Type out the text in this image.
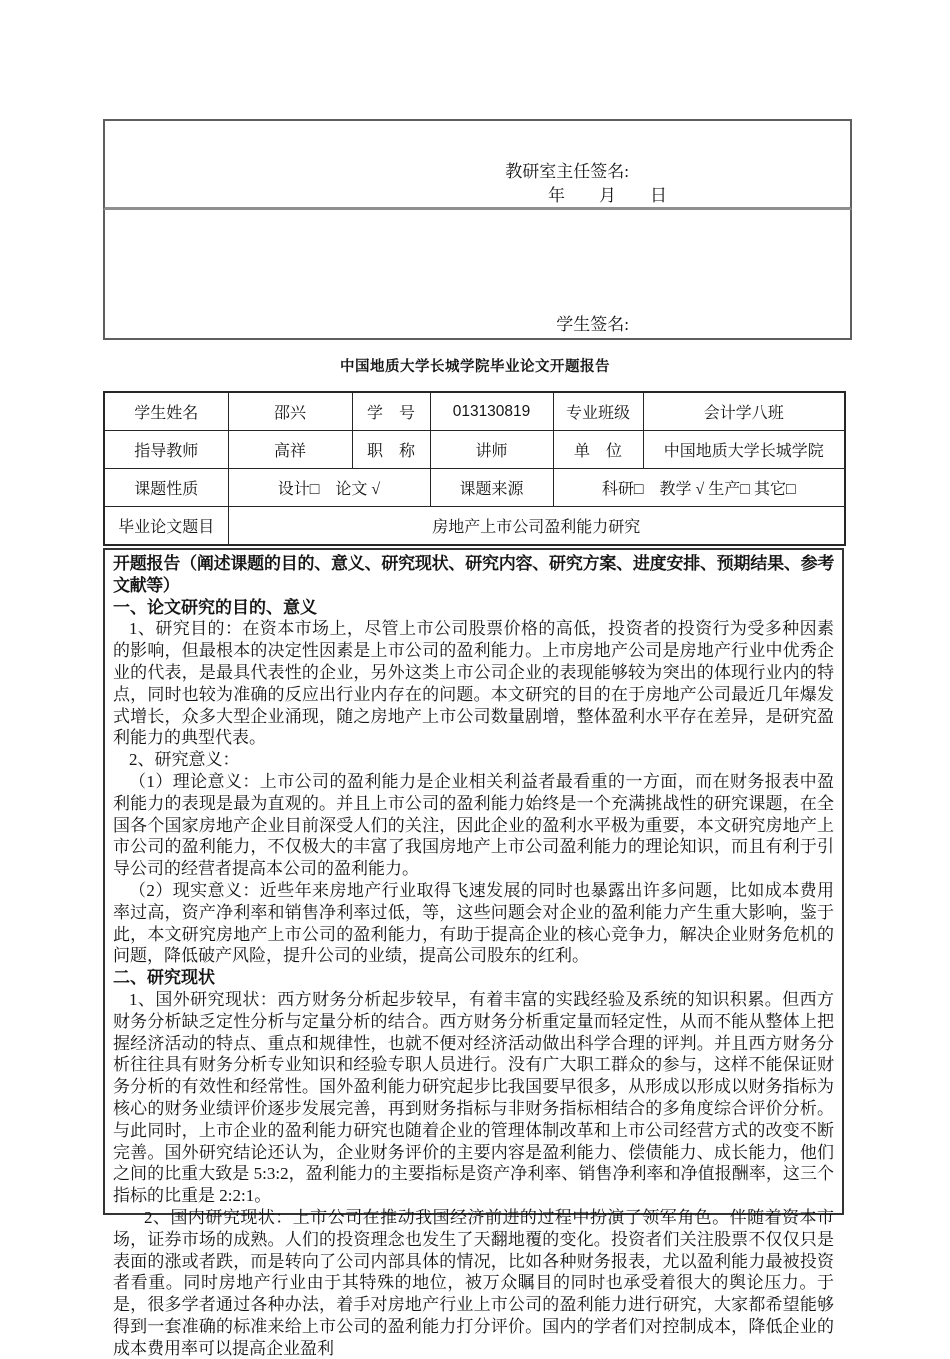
教研室主任签名:
年　　月　　日
学生签名:
中国地质大学长城学院毕业论文开题报告
学生姓名	邵兴	学　号	013130819	专业班级	会计学八班
指导教师	高祥	职　称	讲师	单　位	中国地质大学长城学院
课题性质	设计□　论文 √		课题来源	科研□　教学 √ 生产□ 其它□	
毕业论文题目	房地产上市公司盈利能力研究				

开题报告（阐述课题的目的、意义、研究现状、研究内容、研究方案、进度安排、预期结果、参考文献等）

一、论文研究的目的、意义

1、研究目的：在资本市场上，尽管上市公司股票价格的高低，投资者的投资行为受多种因素的影响，但最根本的决定性因素是上市公司的盈利能力。上市房地产公司是房地产行业中优秀企业的代表，是最具代表性的企业，另外这类上市公司企业的表现能够较为突出的体现行业内的特点，同时也较为准确的反应出行业内存在的问题。本文研究的目的在于房地产公司最近几年爆发式增长，众多大型企业涌现，随之房地产上市公司数量剧增，整体盈利水平存在差异，是研究盈利能力的典型代表。

2、研究意义：

（1）理论意义：上市公司的盈利能力是企业相关利益者最看重的一方面，而在财务报表中盈利能力的表现是最为直观的。并且上市公司的盈利能力始终是一个充满挑战性的研究课题，在全国各个国家房地产企业目前深受人们的关注，因此企业的盈利水平极为重要，本文研究房地产上市公司的盈利能力，不仅极大的丰富了我国房地产上市公司盈利能力的理论知识，而且有利于引导公司的经营者提高本公司的盈利能力。

（2）现实意义：近些年来房地产行业取得飞速发展的同时也暴露出许多问题，比如成本费用率过高，资产净利率和销售净利率过低，等，这些问题会对企业的盈利能力产生重大影响，鉴于此，本文研究房地产上市公司的盈利能力，有助于提高企业的核心竞争力，解决企业财务危机的问题，降低破产风险，提升公司的业绩，提高公司股东的红利。

二、研究现状

1、国外研究现状：西方财务分析起步较早，有着丰富的实践经验及系统的知识积累。但西方财务分析缺乏定性分析与定量分析的结合。西方财务分析重定量而轻定性，从而不能从整体上把握经济活动的特点、重点和规律性，也就不便对经济活动做出科学合理的评判。并且西方财务分析往往具有财务分析专业知识和经验专职人员进行。没有广大职工群众的参与，这样不能保证财务分析的有效性和经常性。国外盈利能力研究起步比我国要早很多，从形成以形成以财务指标为核心的财务业绩评价逐步发展完善，再到财务指标与非财务指标相结合的多角度综合评价分析。与此同时，上市企业的盈利能力研究也随着企业的管理体制改革和上市公司经营方式的改变不断完善。国外研究结论还认为，企业财务评价的主要内容是盈利能力、偿债能力、成长能力，他们之间的比重大致是 5:3:2，盈利能力的主要指标是资产净利率、销售净利率和净值报酬率，这三个指标的比重是 2:2:1。

2、国内研究现状：上市公司在推动我国经济前进的过程中扮演了领军角色。伴随着资本市场，证券市场的成熟。人们的投资理念也发生了天翻地覆的变化。投资者们关注股票不仅仅只是表面的涨或者跌，而是转向了公司内部具体的情况，比如各种财务报表，尤以盈利能力最被投资者看重。同时房地产行业由于其特殊的地位，被万众瞩目的同时也承受着很大的舆论压力。于是，很多学者通过各种办法，着手对房地产行业上市公司的盈利能力进行研究，大家都希望能够得到一套准确的标准来给上市公司的盈利能力打分评价。国内的学者们对控制成本，降低企业的成本费用率可以提高企业盈利
